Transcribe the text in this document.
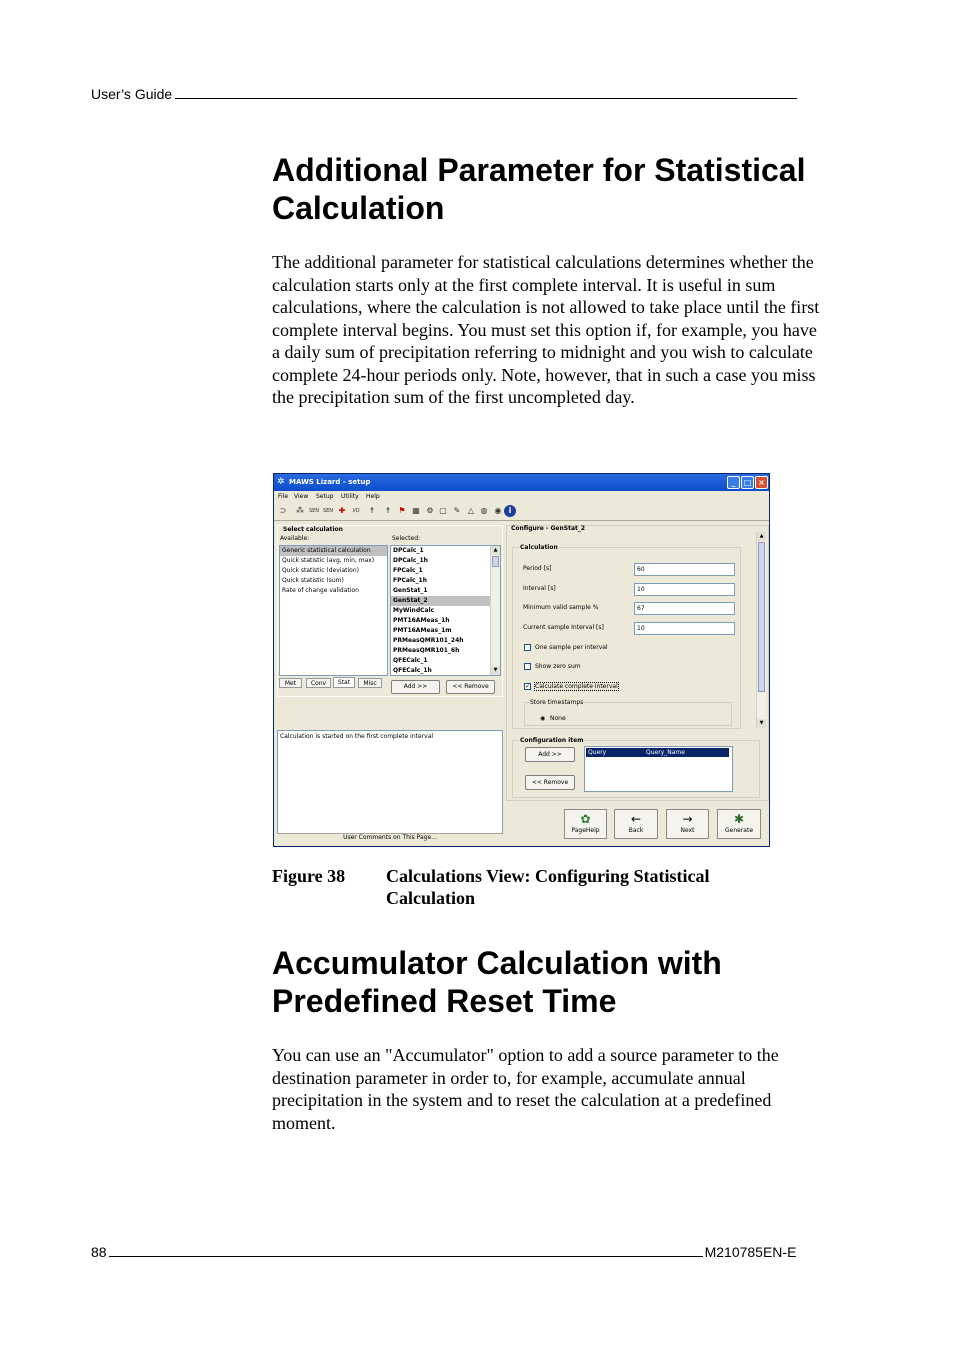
User’s Guide
Additional Parameter for Statistical
Calculation

The additional parameter for statistical calculations determines whether the calculation starts only at the first complete interval. It is useful in sum calculations, where the calculation is not allowed to take place until the first complete interval begins. You must set this option if, for example, you have a daily sum of precipitation referring to midnight and you wish to calculate complete 24-hour periods only. Note, however, that in such a case you miss the precipitation sum of the first uncompleted day.

✲ MAWS Lizard - setup	_	□ ×
File View Setup Utility Help
⊃	⁂ SEN SEN ✚	I/O	☨	☨	⚑ ▦ ⚙ ▢ ✎ △ ◍ ◉ i
Select calculation
Available:	Selected:
Generic statistical calculation
Quick statistic (avg, min, max)
Quick statistic (deviation)
Quick statistic (sum)
Rate of change validation
DPCalc_1
DPCalc_1h
FPCalc_1
FPCalc_1h
GenStat_1
GenStat_2
MyWindCalc
PMT16AMeas_1h
PMT16AMeas_1m
PRMeasQMR101_24h
PRMeasQMR101_6h
QFECalc_1
QFECalc_1h
▲
▼
Met	Conv	Stat	Misc	Add >>	<< Remove
Calculation is started on the first complete interval
User Comments on This Page...
Configure - GenStat_2
Calculation
Period [s]	60
Interval [s]	10
Minimum valid sample %	67
Current sample Interval [s]	10
One sample per interval
Show zero sum
✓ Calculate complete interval
Store timestamps
◉ None
▲
▼
Configuration item
Add >>
<< Remove
Query	Query_Name
✿
PageHelp
←
Back
→
Next
✱
Generate
Figure 38	Calculations View: Configuring Statistical Calculation
Accumulator Calculation with
Predefined Reset Time

You can use an "Accumulator" option to add a source parameter to the destination parameter in order to, for example, accumulate annual precipitation in the system and to reset the calculation at a predefined moment.

88	M210785EN-E
